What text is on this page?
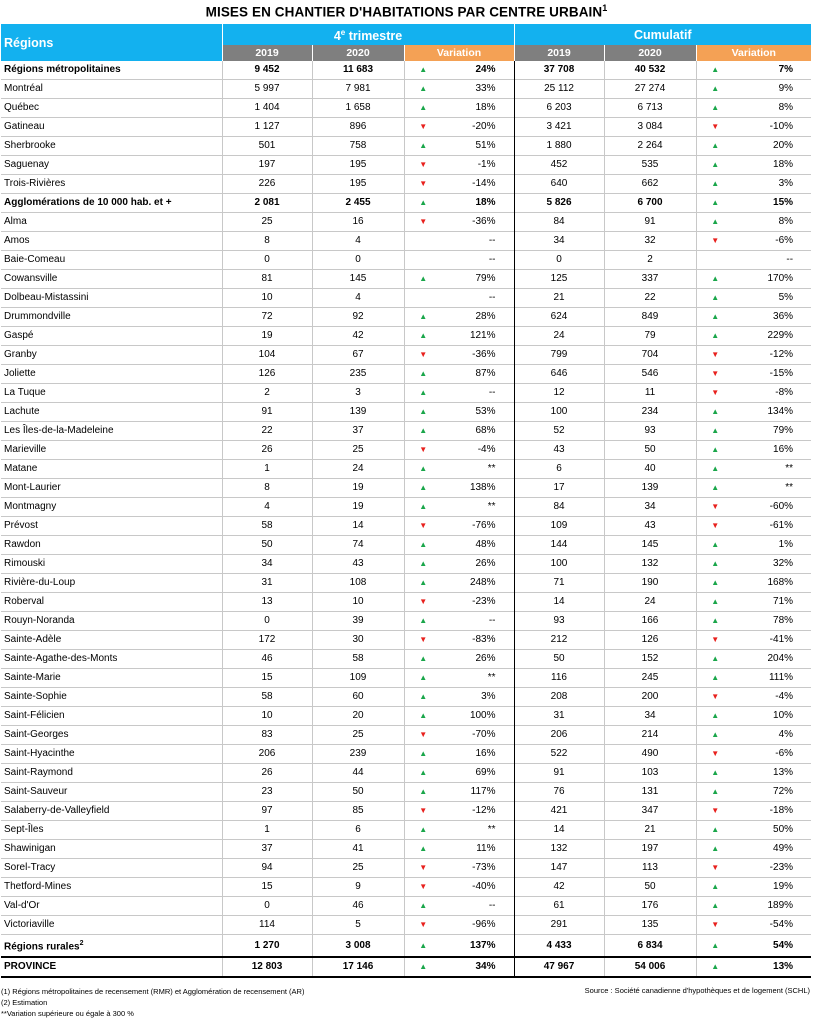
MISES EN CHANTIER D'HABITATIONS PAR CENTRE URBAIN$^1$
Régions	4e trimestre				Cumulatif			
	2019	2020	Variation		2019	2020	Variation	
Régions métropolitaines	9 452	11 683	▲	24%	37 708	40 532	▲	7%
Montréal	5 997	7 981	▲	33%	25 112	27 274	▲	9%
Québec	1 404	1 658	▲	18%	6 203	6 713	▲	8%
Gatineau	1 127	896	▼	-20%	3 421	3 084	▼	-10%
Sherbrooke	501	758	▲	51%	1 880	2 264	▲	20%
Saguenay	197	195	▼	-1%	452	535	▲	18%
Trois-Rivières	226	195	▼	-14%	640	662	▲	3%
Agglomérations de 10 000 hab. et +	2 081	2 455	▲	18%	5 826	6 700	▲	15%
Alma	25	16	▼	-36%	84	91	▲	8%
Amos	8	4		--	34	32	▼	-6%
Baie-Comeau	0	0		--	0	2		--
Cowansville	81	145	▲	79%	125	337	▲	170%
Dolbeau-Mistassini	10	4		--	21	22	▲	5%
Drummondville	72	92	▲	28%	624	849	▲	36%
Gaspé	19	42	▲	121%	24	79	▲	229%
Granby	104	67	▼	-36%	799	704	▼	-12%
Joliette	126	235	▲	87%	646	546	▼	-15%
La Tuque	2	3	▲	--	12	11	▼	-8%
Lachute	91	139	▲	53%	100	234	▲	134%
Les Îles-de-la-Madeleine	22	37	▲	68%	52	93	▲	79%
Marieville	26	25	▼	-4%	43	50	▲	16%
Matane	1	24	▲	**	6	40	▲	**
Mont-Laurier	8	19	▲	138%	17	139	▲	**
Montmagny	4	19	▲	**	84	34	▼	-60%
Prévost	58	14	▼	-76%	109	43	▼	-61%
Rawdon	50	74	▲	48%	144	145	▲	1%
Rimouski	34	43	▲	26%	100	132	▲	32%
Rivière-du-Loup	31	108	▲	248%	71	190	▲	168%
Roberval	13	10	▼	-23%	14	24	▲	71%
Rouyn-Noranda	0	39	▲	--	93	166	▲	78%
Sainte-Adèle	172	30	▼	-83%	212	126	▼	-41%
Sainte-Agathe-des-Monts	46	58	▲	26%	50	152	▲	204%
Sainte-Marie	15	109	▲	**	116	245	▲	111%
Sainte-Sophie	58	60	▲	3%	208	200	▼	-4%
Saint-Félicien	10	20	▲	100%	31	34	▲	10%
Saint-Georges	83	25	▼	-70%	206	214	▲	4%
Saint-Hyacinthe	206	239	▲	16%	522	490	▼	-6%
Saint-Raymond	26	44	▲	69%	91	103	▲	13%
Saint-Sauveur	23	50	▲	117%	76	131	▲	72%
Salaberry-de-Valleyfield	97	85	▼	-12%	421	347	▼	-18%
Sept-Îles	1	6	▲	**	14	21	▲	50%
Shawinigan	37	41	▲	11%	132	197	▲	49%
Sorel-Tracy	94	25	▼	-73%	147	113	▼	-23%
Thetford-Mines	15	9	▼	-40%	42	50	▲	19%
Val-d'Or	0	46	▲	--	61	176	▲	189%
Victoriaville	114	5	▼	-96%	291	135	▼	-54%
Régions rurales$^2$	1 270	3 008	▲	137%	4 433	6 834	▲	54%
PROVINCE	12 803	17 146	▲	34%	47 967	54 006	▲	13%
(1) Régions métropolitaines de recensement (RMR) et Agglomération de recensement (AR)
(2) Estimation
**Variation supérieure ou égale à 300 %
Source : Société canadienne d'hypothèques et de logement (SCHL)
